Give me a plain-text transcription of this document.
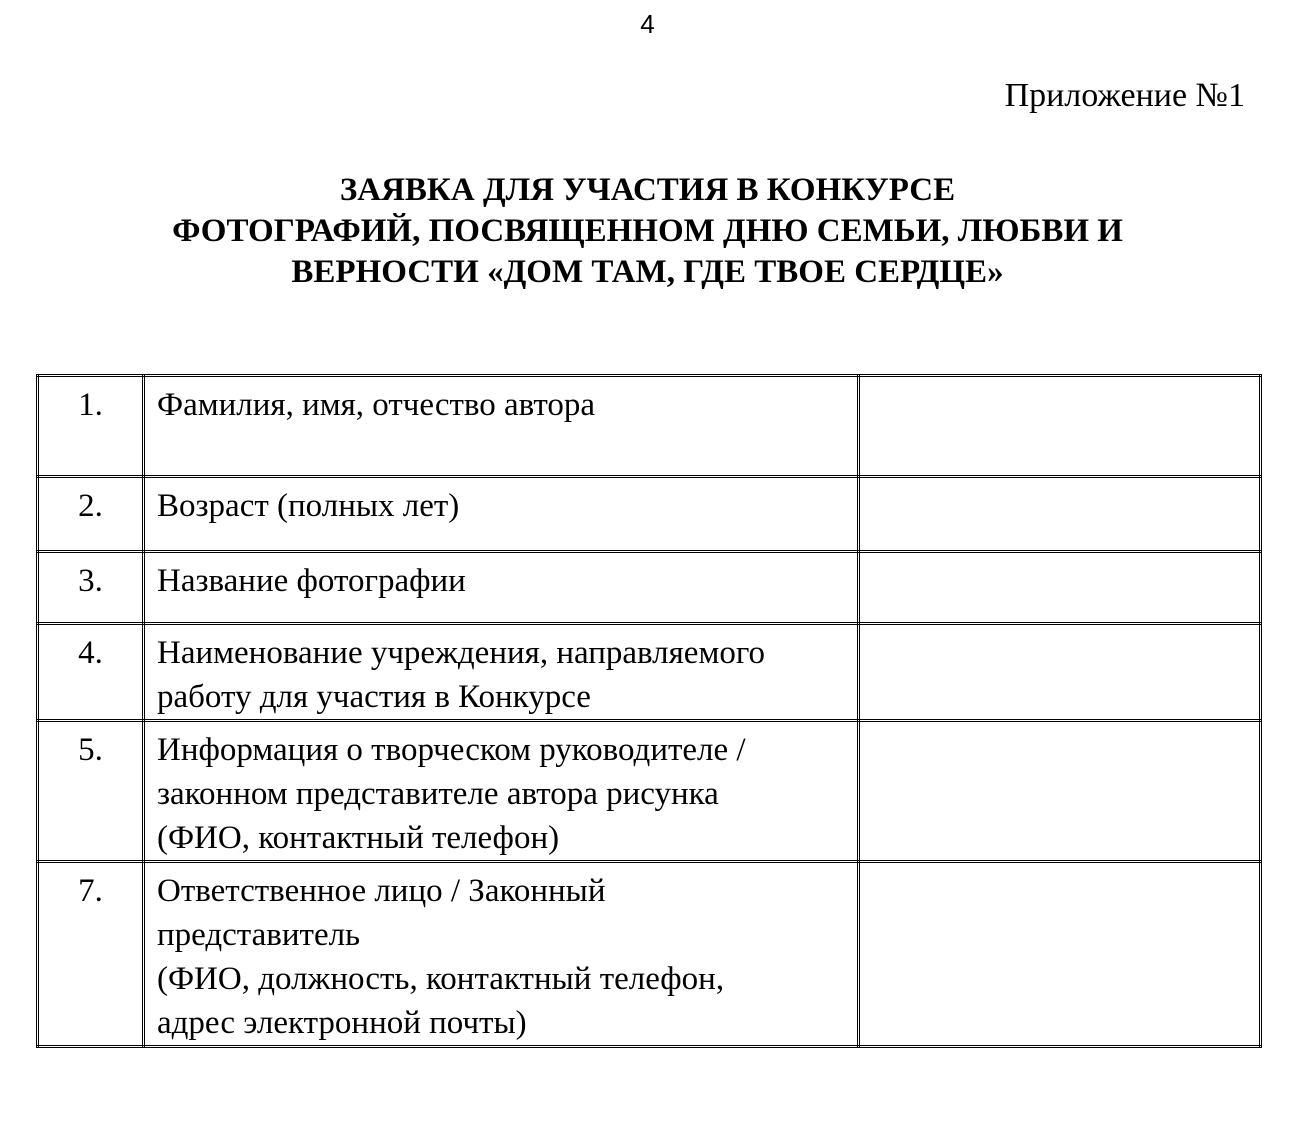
4
Приложение №1
ЗАЯВКА ДЛЯ УЧАСТИЯ В КОНКУРСЕ
ФОТОГРАФИЙ, ПОСВЯЩЕННОМ ДНЮ СЕМЬИ, ЛЮБВИ И
ВЕРНОСТИ «ДОМ ТАМ, ГДЕ ТВОЕ СЕРДЦЕ»
1.	Фамилия, имя, отчество автора	

2.	Возраст (полных лет)	

3.	Название фотографии	

4.	Наименование учреждения, направляемого
работу для участия в Конкурсе	

5.	Информация о творческом руководителе /
законном представителе автора рисунка
(ФИО, контактный телефон)	

7.	Ответственное лицо / Законный
представитель
(ФИО, должность, контактный телефон,
адрес электронной почты)	
